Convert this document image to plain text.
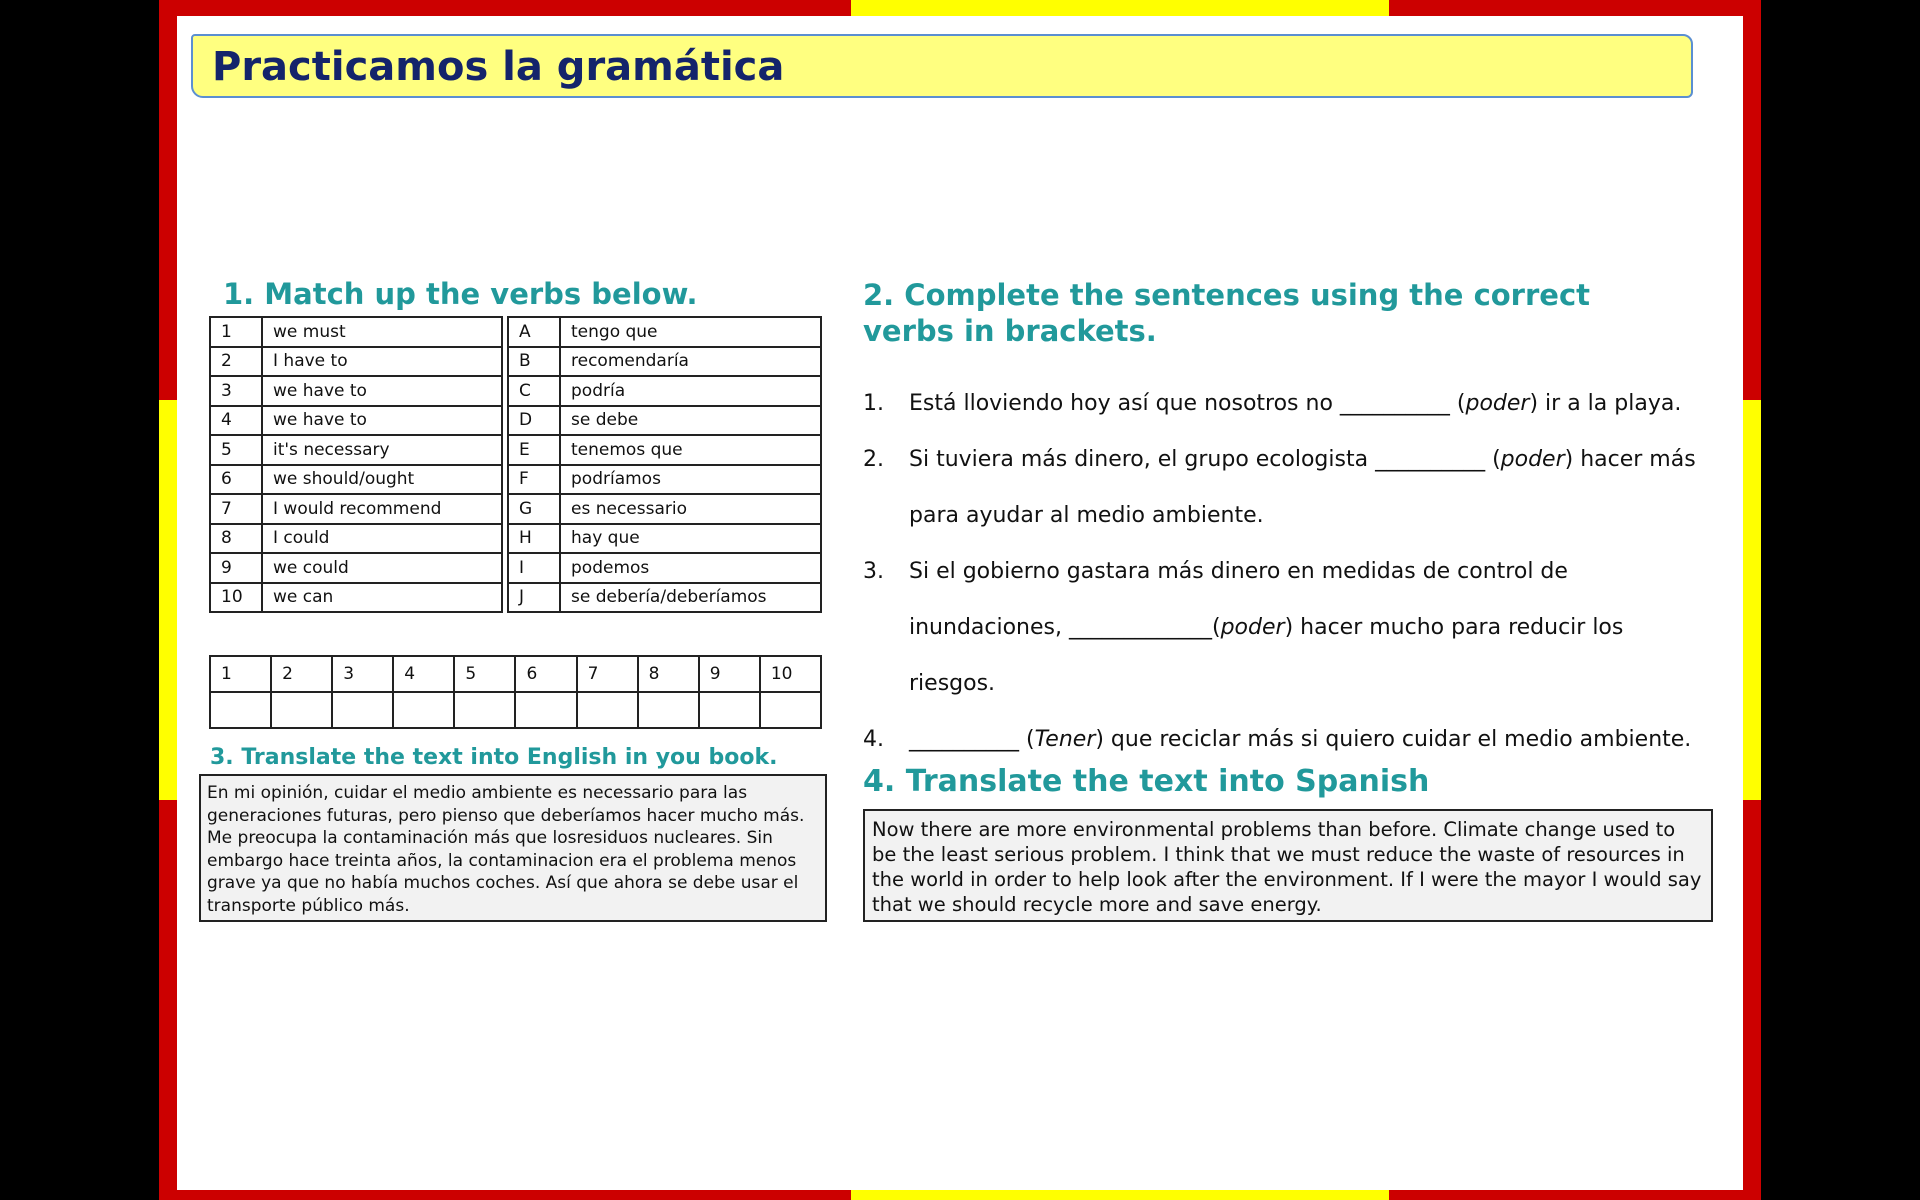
Practicamos la gramática
1. Match up the verbs below.
1	we must
2	I have to
3	we have to
4	we have to
5	it's necessary
6	we should/ought
7	I would recommend
8	I could
9	we could
10	we can
A	tengo que
B	recomendaría
C	podría
D	se debe
E	tenemos que
F	podríamos
G	es necessario
H	hay que
I	podemos
J	se debería/deberíamos
1	2	3	4	5	6	7	8	9	10

2. Complete the sentences using the correct verbs in brackets.
1. Está lloviendo hoy así que nosotros no __________ (poder) ir a la playa.
2. Si tuviera más dinero, el grupo ecologista __________ (poder) hacer más
para ayudar al medio ambiente.
3. Si el gobierno gastara más dinero en medidas de control de
inundaciones, _____________(poder) hacer mucho para reducir los
riesgos.
4. __________ (Tener) que reciclar más si quiero cuidar el medio ambiente.
3. Translate the text into English in you book.
En mi opinión, cuidar el medio ambiente es necessario para las generaciones futuras, pero pienso que deberíamos hacer mucho más. Me preocupa la contaminación más que losresiduos nucleares. Sin embargo hace treinta años, la contaminacion era el problema menos grave ya que no había muchos coches. Así que ahora se debe usar el transporte público más.
4. Translate the text into Spanish
Now there are more environmental problems than before. Climate change used to be the least serious problem. I think that we must reduce the waste of resources in the world in order to help look after the environment. If I were the mayor I would say that we should recycle more and save energy.
